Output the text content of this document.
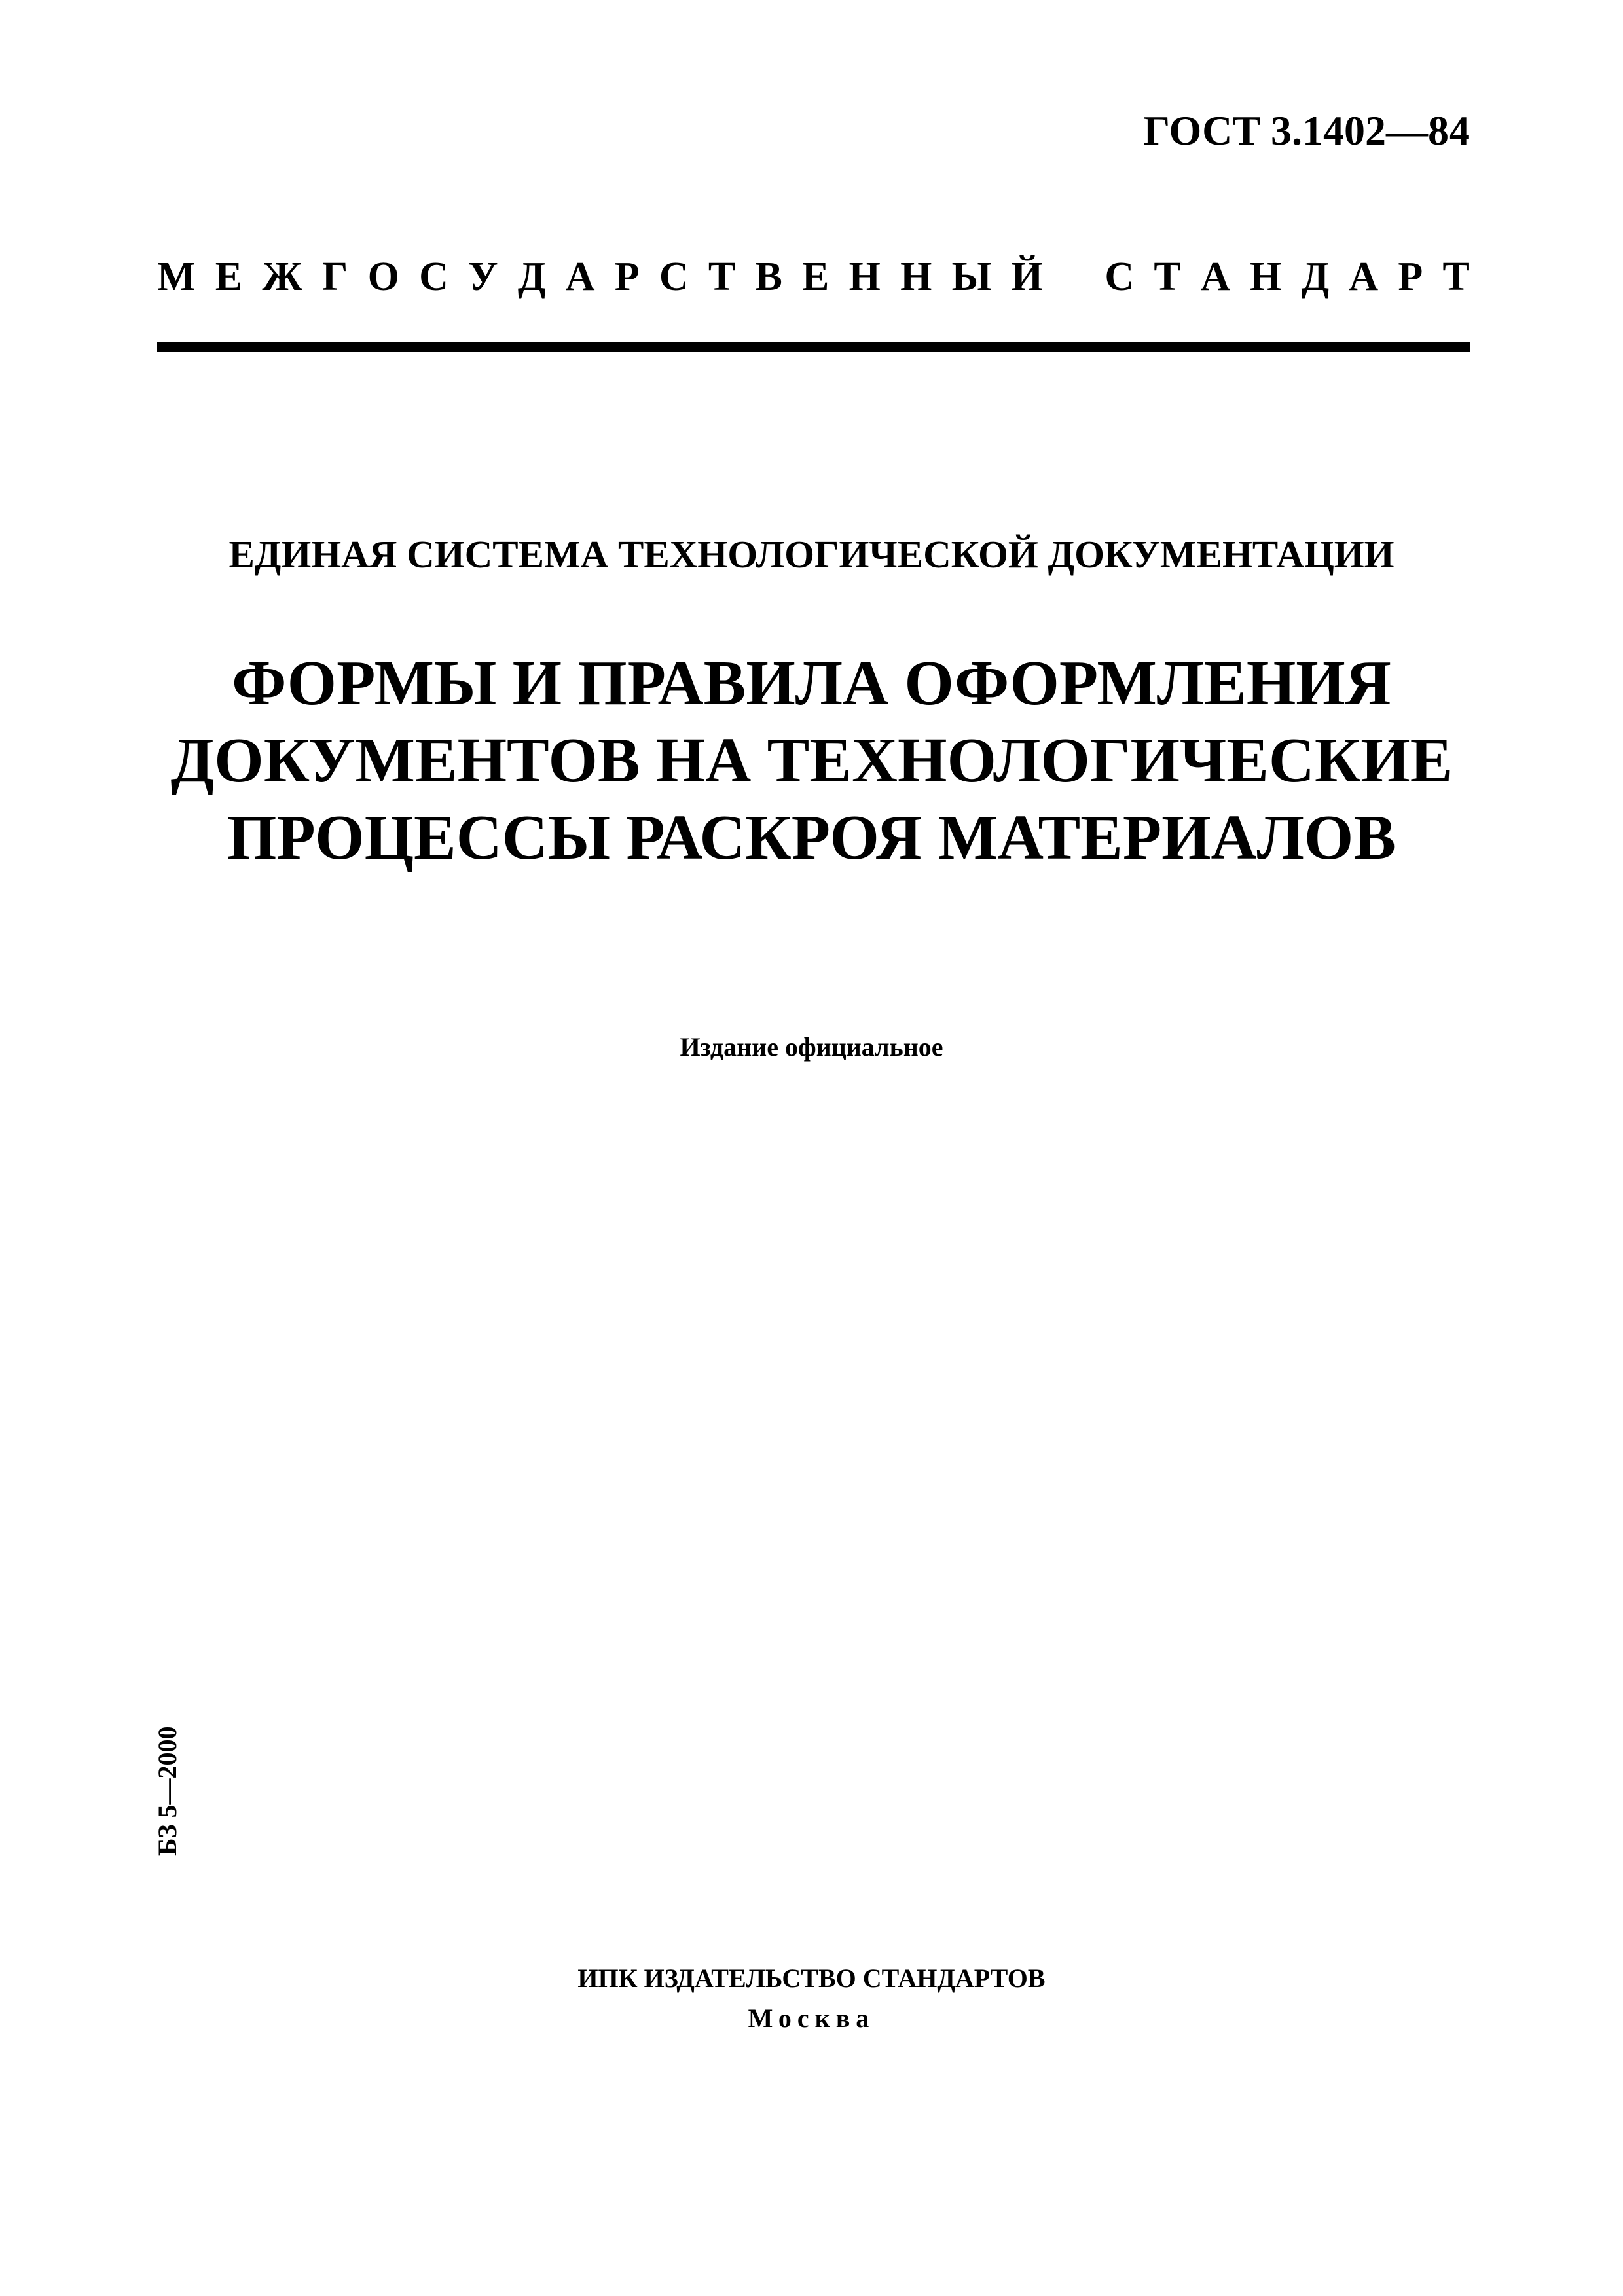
ГОСТ 3.1402—84
М Е Ж Г О С У Д А Р С Т В Е Н Н Ы Й
С Т А Н Д А Р Т
ЕДИНАЯ СИСТЕМА ТЕХНОЛОГИЧЕСКОЙ ДОКУМЕНТАЦИИ
ФОРМЫ И ПРАВИЛА ОФОРМЛЕНИЯ
ДОКУМЕНТОВ НА ТЕХНОЛОГИЧЕСКИЕ
ПРОЦЕССЫ РАСКРОЯ МАТЕРИАЛОВ
Издание официальное
БЗ 5—2000
ИПК ИЗДАТЕЛЬСТВО СТАНДАРТОВ
Москва
